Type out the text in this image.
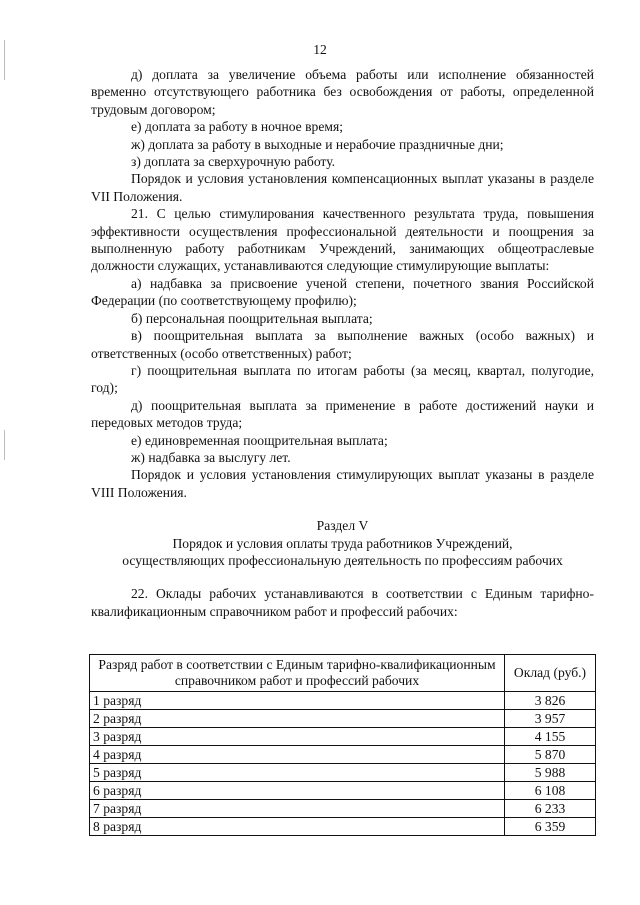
12

д) доплата за увеличение объема работы или исполнение обязанностей временно отсутствующего работника без освобождения от работы, определенной трудовым договором;

е) доплата за работу в ночное время;

ж) доплата за работу в выходные и нерабочие праздничные дни;

з) доплата за сверхурочную работу.

Порядок и условия установления компенсационных выплат указаны в разделе VII Положения.

21. С целью стимулирования качественного результата труда, повышения эффективности осуществления профессиональной деятельности и поощрения за выполненную работу работникам Учреждений, занимающих общеотраслевые должности служащих, устанавливаются следующие стимулирующие выплаты:

а) надбавка за присвоение ученой степени, почетного звания Российской Федерации (по соответствующему профилю);

б) персональная поощрительная выплата;

в) поощрительная выплата за выполнение важных (особо важных) и ответственных (особо ответственных) работ;

г) поощрительная выплата по итогам работы (за месяц, квартал, полугодие, год);

д) поощрительная выплата за применение в работе достижений науки и передовых методов труда;

е) единовременная поощрительная выплата;

ж) надбавка за выслугу лет.

Порядок и условия установления стимулирующих выплат указаны в разделе VIII Положения.

Раздел V

Порядок и условия оплаты труда работников Учреждений,

осуществляющих профессиональную деятельность по профессиям рабочих

22. Оклады рабочих устанавливаются в соответствии с Единым тарифно-квалификационным справочником работ и профессий рабочих:

Разряд работ в соответствии с Единым тарифно-квалификационным справочником работ и профессий рабочих	Оклад (руб.)
1 разряд	3 826
2 разряд	3 957
3 разряд	4 155
4 разряд	5 870
5 разряд	5 988
6 разряд	6 108
7 разряд	6 233
8 разряд	6 359
